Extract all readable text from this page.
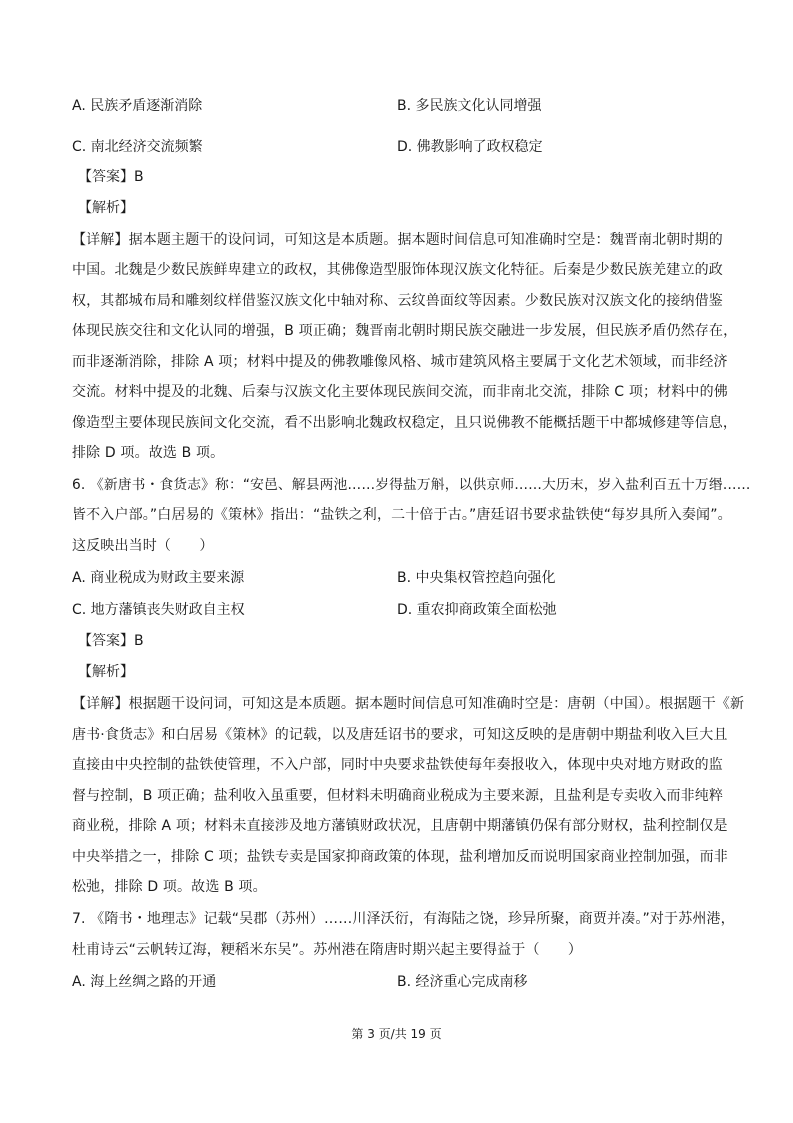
A. 民族矛盾逐渐消除	B. 多民族文化认同增强
C. 南北经济交流频繁	D. 佛教影响了政权稳定
【答案】B
【解析】
【详解】据本题主题干的设问词，可知这是本质题。据本题时间信息可知准确时空是：魏晋南北朝时期的
中国。北魏是少数民族鲜卑建立的政权，其佛像造型服饰体现汉族文化特征。后秦是少数民族羌建立的政
权，其都城布局和雕刻纹样借鉴汉族文化中轴对称、云纹兽面纹等因素。少数民族对汉族文化的接纳借鉴
体现民族交往和文化认同的增强，B 项正确；魏晋南北朝时期民族交融进一步发展，但民族矛盾仍然存在，
而非逐渐消除，排除 A 项；材料中提及的佛教雕像风格、城市建筑风格主要属于文化艺术领域，而非经济
交流。材料中提及的北魏、后秦与汉族文化主要体现民族间交流，而非南北交流，排除 C 项；材料中的佛
像造型主要体现民族间文化交流，看不出影响北魏政权稳定，且只说佛教不能概括题干中都城修建等信息，
排除 D 项。故选 B 项。
6. 《新唐书・食货志》称：“安邑、解县两池……岁得盐万斛，以供京师……大历末，岁入盐利百五十万缗……
皆不入户部。”白居易的《策林》指出：“盐铁之利，二十倍于古。”唐廷诏书要求盐铁使“每岁具所入奏闻”。
这反映出当时（　　）
A. 商业税成为财政主要来源	B. 中央集权管控趋向强化
C. 地方藩镇丧失财政自主权	D. 重农抑商政策全面松弛
【答案】B
【解析】
【详解】根据题干设问词，可知这是本质题。据本题时间信息可知准确时空是：唐朝（中国）。根据题干《新
唐书·食货志》和白居易《策林》的记载，以及唐廷诏书的要求，可知这反映的是唐朝中期盐利收入巨大且
直接由中央控制的盐铁使管理，不入户部，同时中央要求盐铁使每年奏报收入，体现中央对地方财政的监
督与控制，B 项正确；盐利收入虽重要，但材料未明确商业税成为主要来源，且盐利是专卖收入而非纯粹
商业税，排除 A 项；材料未直接涉及地方藩镇财政状况，且唐朝中期藩镇仍保有部分财权，盐利控制仅是
中央举措之一，排除 C 项；盐铁专卖是国家抑商政策的体现，盐利增加反而说明国家商业控制加强，而非
松弛，排除 D 项。故选 B 项。
7. 《隋书・地理志》记载“吴郡（苏州）……川泽沃衍，有海陆之饶，珍异所聚，商贾并凑。”对于苏州港，
杜甫诗云“云帆转辽海，粳稻米东吴”。苏州港在隋唐时期兴起主要得益于（　　）
A. 海上丝绸之路的开通	B. 经济重心完成南移
第 3 页/共 19 页
